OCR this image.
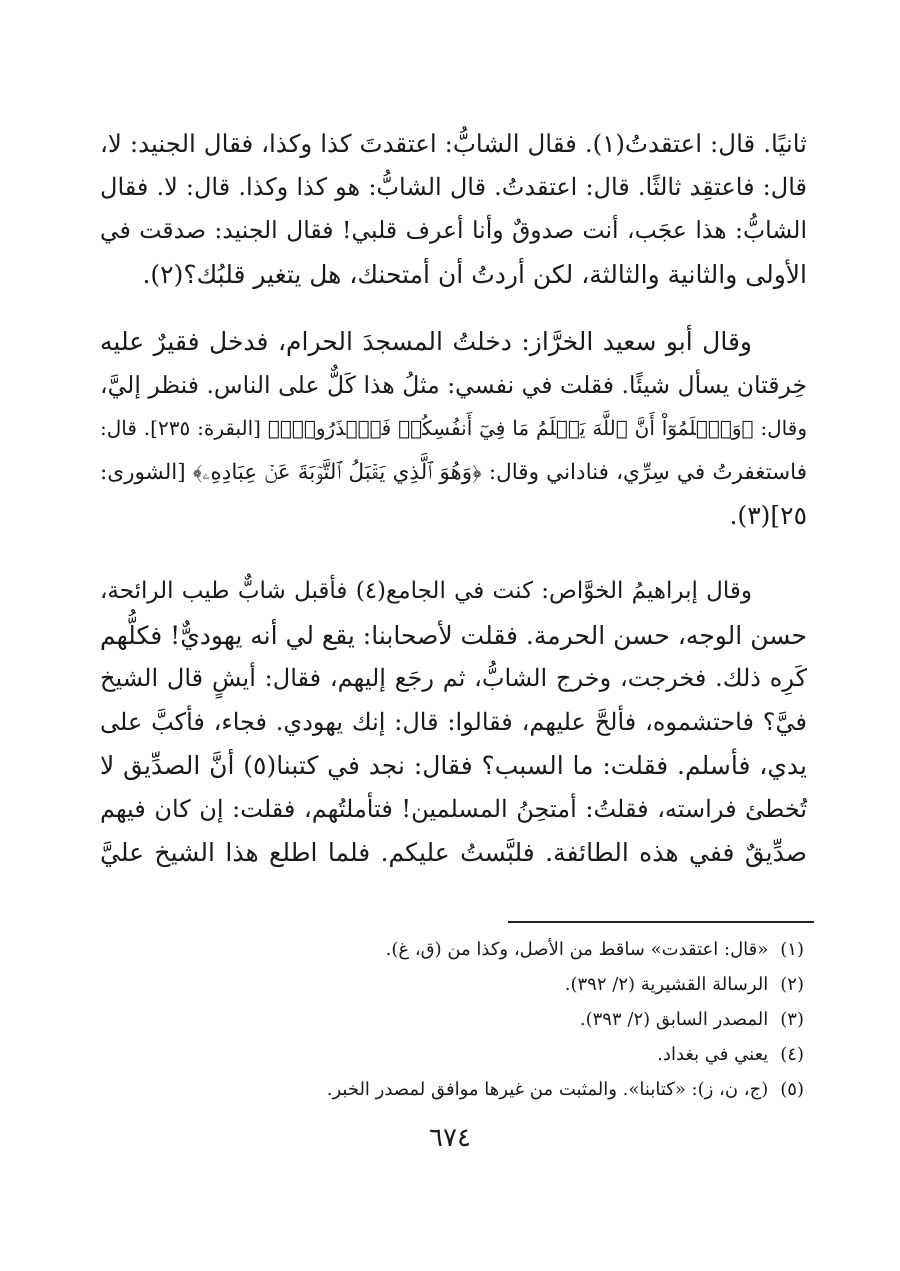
ثانيًا. قال: اعتقدتُ(١). فقال الشابُّ: اعتقدتَ كذا وكذا، فقال الجنيد: لا،

قال: فاعتقِد ثالثًا. قال: اعتقدتُ. قال الشابُّ: هو كذا وكذا. قال: لا. فقال

الشابُّ: هذا عجَب، أنت صدوقٌ وأنا أعرف قلبي! فقال الجنيد: صدقت في

الأولى والثانية والثالثة، لكن أردتُ أن أمتحنك، هل يتغير قلبُك؟(٢).

وقال أبو سعيد الخرَّاز: دخلتُ المسجدَ الحرام، فدخل فقيرٌ عليه

خِرقتان يسأل شيئًا. فقلت في نفسي: مثلُ هذا كَلٌّ على الناس. فنظر إليَّ،

وقال: ﴿وَٱعۡلَمُوٓاْ أَنَّ ٱللَّهَ يَعۡلَمُ مَا فِيٓ أَنفُسِكُمۡ فَٱحۡذَرُوهُۚ﴾ [البقرة: ٢٣٥]. قال:

فاستغفرتُ في سِرِّي، فناداني وقال: ﴿وَهُوَ ٱلَّذِي يَقۡبَلُ ٱلتَّوۡبَةَ عَنۡ عِبَادِهِۦ﴾ [الشورى:

٢٥](٣).

وقال إبراهيمُ الخوَّاص: كنت في الجامع(٤) فأقبل شابٌّ طيب الرائحة،

حسن الوجه، حسن الحرمة. فقلت لأصحابنا: يقع لي أنه يهوديٌّ! فكلُّهم

كَرِه ذلك. فخرجت، وخرج الشابُّ، ثم رجَع إليهم، فقال: أيشٍ قال الشيخ

فيَّ؟ فاحتشموه، فألحَّ عليهم، فقالوا: قال: إنك يهودي. فجاء، فأكبَّ على

يدي، فأسلم. فقلت: ما السبب؟ فقال: نجد في كتبنا(٥) أنَّ الصدِّيق لا

تُخطئ فراسته، فقلتُ: أمتحِنُ المسلمين! فتأملتُهم، فقلت: إن كان فيهم

صدِّيقٌ ففي هذه الطائفة. فلبَّستُ عليكم. فلما اطلع هذا الشيخ عليَّ

(١)«قال: اعتقدت» ساقط من الأصل، وكذا من (ق، غ).
(٢)الرسالة القشيرية (٢/ ٣٩٢).
(٣)المصدر السابق (٢/ ٣٩٣).
(٤)يعني في بغداد.
(٥)(ج، ن، ز): «كتابنا». والمثبت من غيرها موافق لمصدر الخبر.
٦٧٤
